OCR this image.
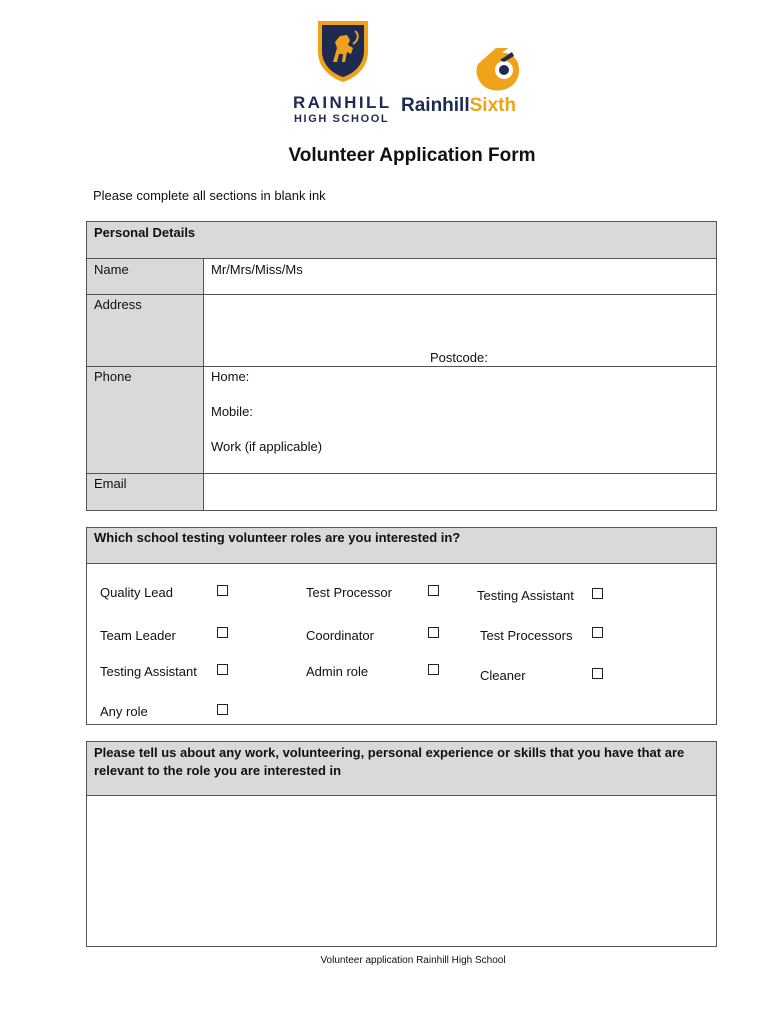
RAINHILL
HIGH SCHOOL
RainhillSixth
Volunteer Application Form
Please complete all sections in blank ink
Personal Details
Name	Mr/Mrs/Miss/Ms
Address
Postcode:
Phone	Home:
Mobile:
Work (if applicable)
Email
Which school testing volunteer roles are you interested in?
Quality Lead	Test Processor	Testing Assistant
Team Leader	Coordinator	Test Processors
Testing Assistant	Admin role	Cleaner
Any role
Please tell us about any work, volunteering, personal experience or skills that you have that are relevant to the role you are interested in
Volunteer application Rainhill High School
